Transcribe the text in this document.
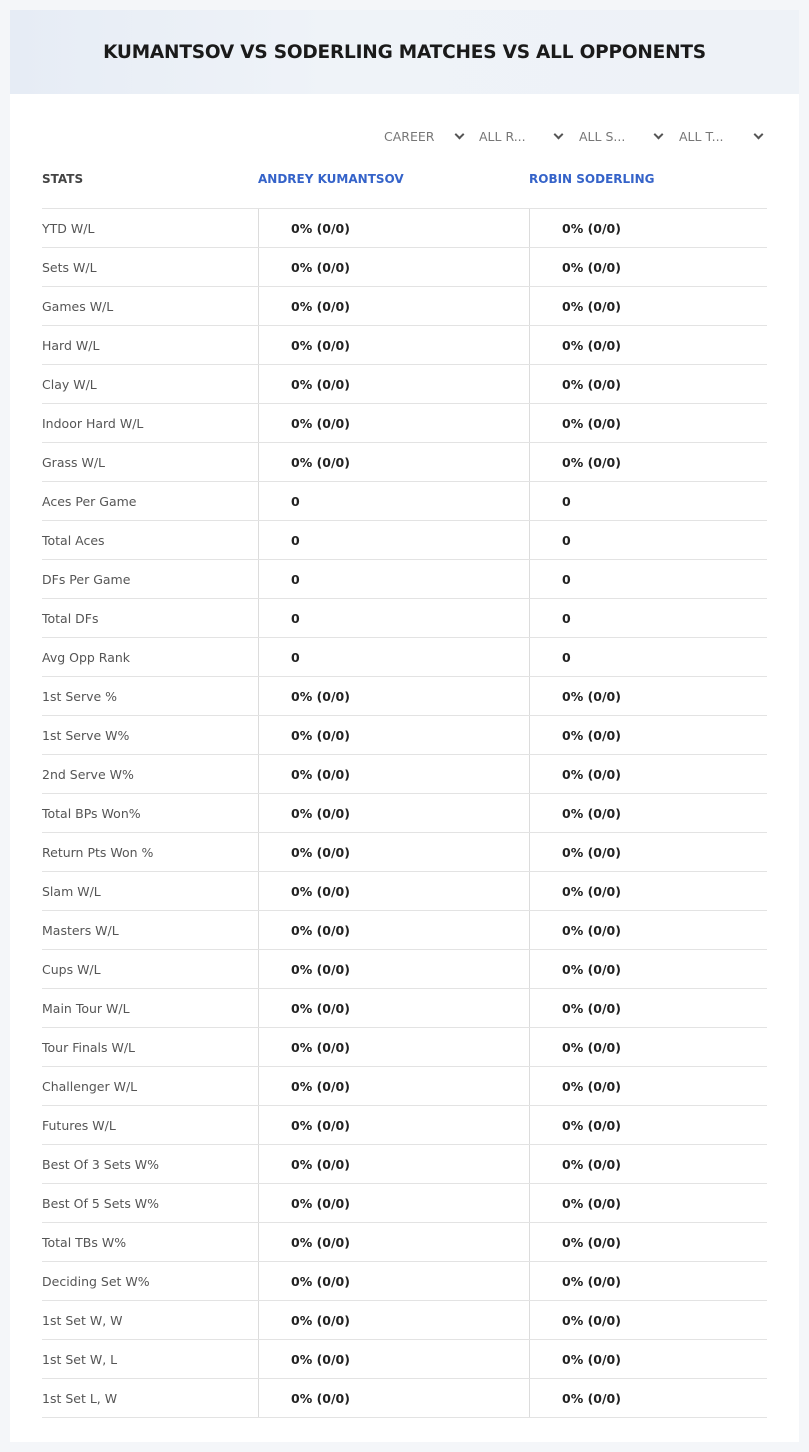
KUMANTSOV VS SODERLING MATCHES VS ALL OPPONENTS
CAREER	ALL R...	ALL S...	ALL T...
STATS	ANDREY KUMANTSOV	ROBIN SODERLING
YTD W/L	0% (0/0)	0% (0/0)
Sets W/L	0% (0/0)	0% (0/0)
Games W/L	0% (0/0)	0% (0/0)
Hard W/L	0% (0/0)	0% (0/0)
Clay W/L	0% (0/0)	0% (0/0)
Indoor Hard W/L	0% (0/0)	0% (0/0)
Grass W/L	0% (0/0)	0% (0/0)
Aces Per Game	0	0
Total Aces	0	0
DFs Per Game	0	0
Total DFs	0	0
Avg Opp Rank	0	0
1st Serve %	0% (0/0)	0% (0/0)
1st Serve W%	0% (0/0)	0% (0/0)
2nd Serve W%	0% (0/0)	0% (0/0)
Total BPs Won%	0% (0/0)	0% (0/0)
Return Pts Won %	0% (0/0)	0% (0/0)
Slam W/L	0% (0/0)	0% (0/0)
Masters W/L	0% (0/0)	0% (0/0)
Cups W/L	0% (0/0)	0% (0/0)
Main Tour W/L	0% (0/0)	0% (0/0)
Tour Finals W/L	0% (0/0)	0% (0/0)
Challenger W/L	0% (0/0)	0% (0/0)
Futures W/L	0% (0/0)	0% (0/0)
Best Of 3 Sets W%	0% (0/0)	0% (0/0)
Best Of 5 Sets W%	0% (0/0)	0% (0/0)
Total TBs W%	0% (0/0)	0% (0/0)
Deciding Set W%	0% (0/0)	0% (0/0)
1st Set W, W	0% (0/0)	0% (0/0)
1st Set W, L	0% (0/0)	0% (0/0)
1st Set L, W	0% (0/0)	0% (0/0)
